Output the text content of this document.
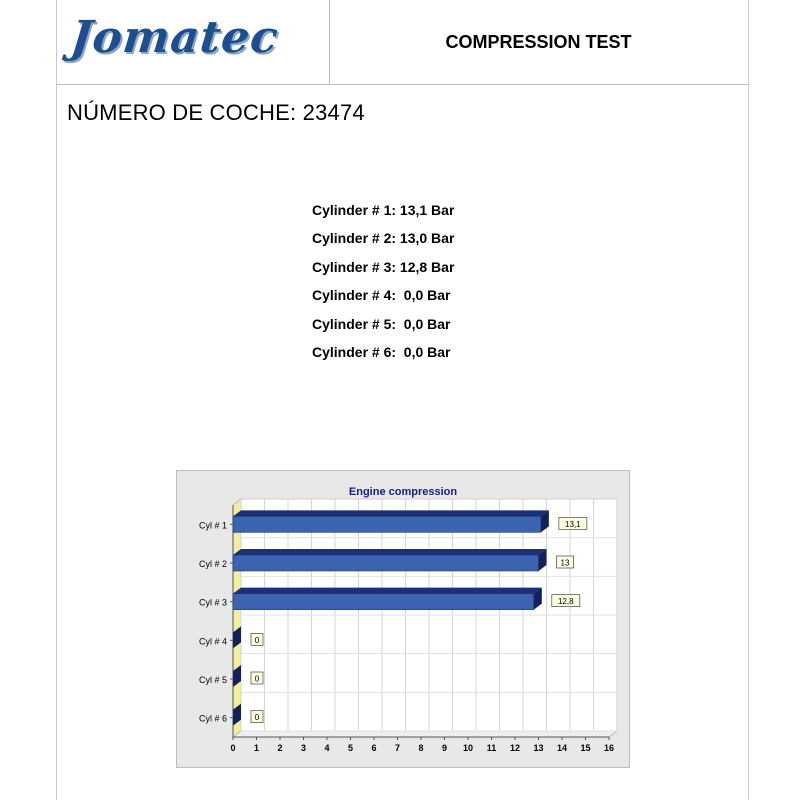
Jomatec	COMPRESSION TEST
NÚMERO DE COCHE: 23474
Cylinder # 1: 13,1 Bar
Cylinder # 2: 13,0 Bar
Cylinder # 3: 12,8 Bar
Cylinder # 4:  0,0 Bar
Cylinder # 5:  0,0 Bar
Cylinder # 6:  0,0 Bar
Engine compression
Cyl # 1	13,1
Cyl # 2	13
Cyl # 3	12,8
Cyl # 4	0
Cyl # 5	0
Cyl # 6	0
0 1 2 3 4 5 6 7 8 9 10 11 12 13 14 15 16
